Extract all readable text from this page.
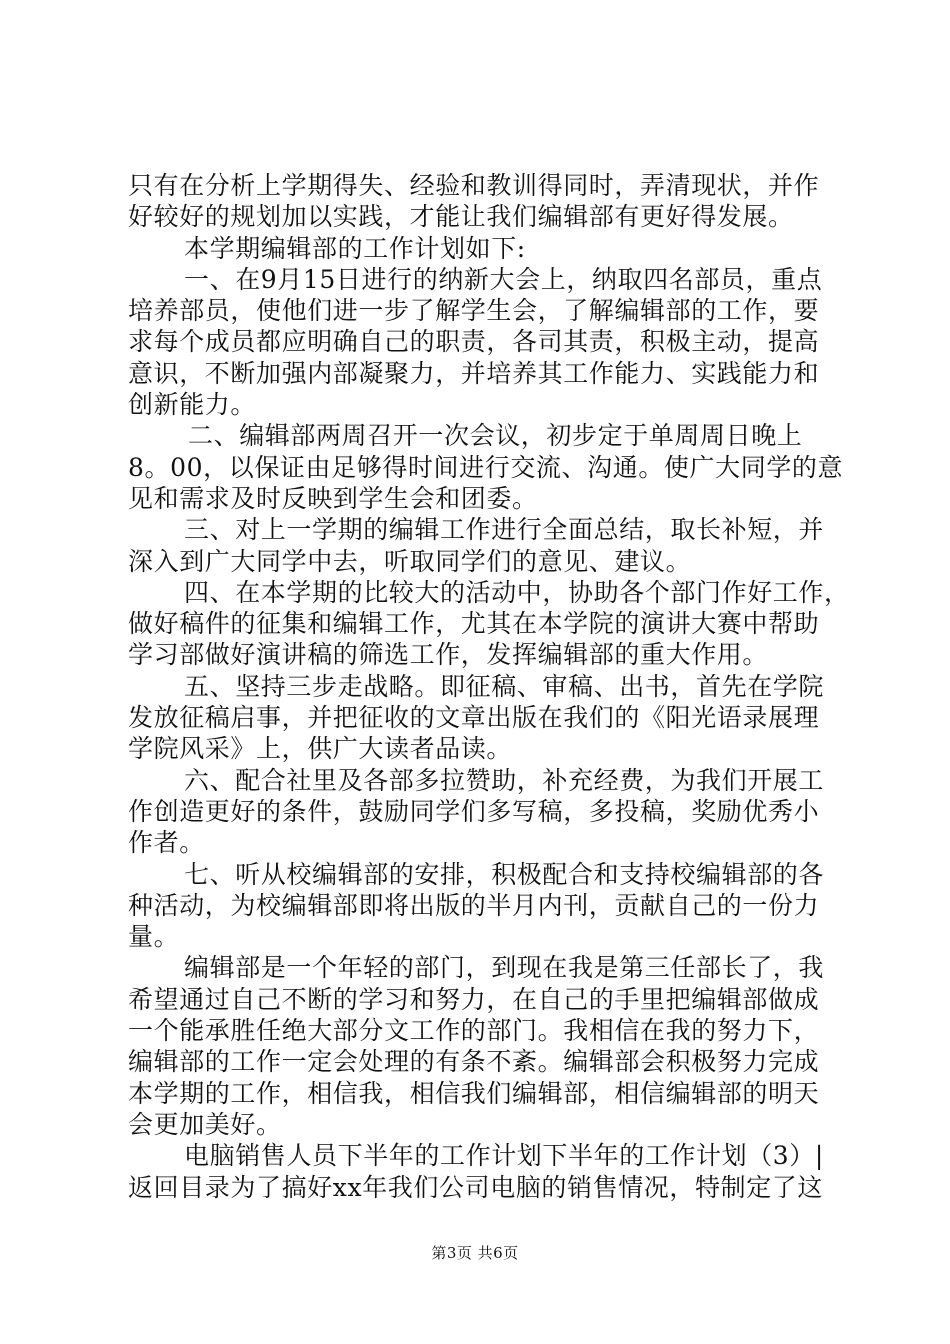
只有在分析上学期得失、经验和教训得同时，弄清现状，并作
好较好的规划加以实践，才能让我们编辑部有更好得发展。
本学期编辑部的工作计划如下:
一、在9月15日进行的纳新大会上，纳取四名部员，重点
培养部员，使他们进一步了解学生会，了解编辑部的工作，要
求每个成员都应明确自己的职责，各司其责，积极主动，提高
意识，不断加强内部凝聚力，并培养其工作能力、实践能力和
创新能力。
二、编辑部两周召开一次会议，初步定于单周周日晚上
8。00，以保证由足够得时间进行交流、沟通。使广大同学的意
见和需求及时反映到学生会和团委。
三、对上一学期的编辑工作进行全面总结，取长补短，并
深入到广大同学中去，听取同学们的意见、建议。
四、在本学期的比较大的活动中，协助各个部门作好工作，
做好稿件的征集和编辑工作，尤其在本学院的演讲大赛中帮助
学习部做好演讲稿的筛选工作，发挥编辑部的重大作用。
五、坚持三步走战略。即征稿、审稿、出书，首先在学院
发放征稿启事，并把征收的文章出版在我们的《阳光语录展理
学院风采》上，供广大读者品读。
六、配合社里及各部多拉赞助，补充经费，为我们开展工
作创造更好的条件，鼓励同学们多写稿，多投稿，奖励优秀小
作者。
七、听从校编辑部的安排，积极配合和支持校编辑部的各
种活动，为校编辑部即将出版的半月内刊，贡献自己的一份力
量。
编辑部是一个年轻的部门，到现在我是第三任部长了，我
希望通过自己不断的学习和努力，在自己的手里把编辑部做成
一个能承胜任绝大部分文工作的部门。我相信在我的努力下，
编辑部的工作一定会处理的有条不紊。编辑部会积极努力完成
本学期的工作，相信我，相信我们编辑部，相信编辑部的明天
会更加美好。
电脑销售人员下半年的工作计划下半年的工作计划（3）|
返回目录为了搞好xx年我们公司电脑的销售情况，特制定了这
第3页 共6页
